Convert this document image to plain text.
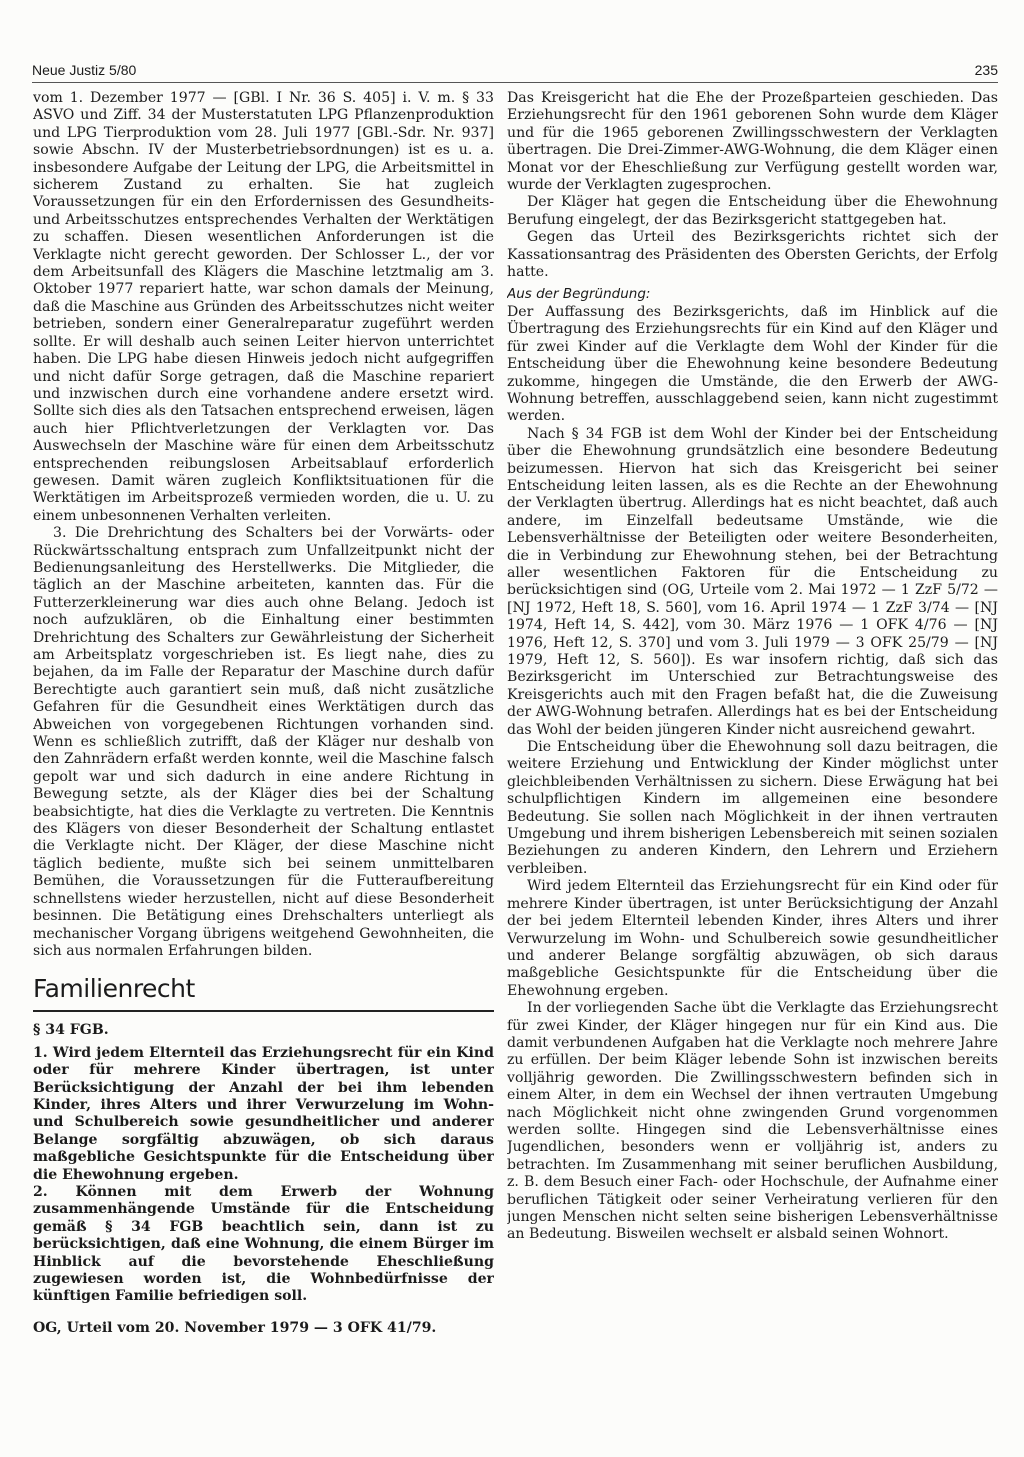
Neue Justiz 5/80	235

vom 1. Dezember 1977 — [GBl. I Nr. 36 S. 405] i. V. m. § 33 ASVO und Ziff. 34 der Musterstatuten LPG Pflanzenproduktion und LPG Tierproduktion vom 28. Juli 1977 [GBl.-Sdr. Nr. 937] sowie Abschn. IV der Musterbetriebsordnungen) ist es u. a. insbesondere Aufgabe der Leitung der LPG, die Arbeitsmittel in sicherem Zustand zu erhalten. Sie hat zugleich Voraussetzungen für ein den Erfordernissen des Gesundheits- und Arbeitsschutzes entsprechendes Verhalten der Werktätigen zu schaffen. Diesen wesentlichen Anforderungen ist die Verklagte nicht gerecht geworden. Der Schlosser L., der vor dem Arbeitsunfall des Klägers die Maschine letztmalig am 3. Oktober 1977 repariert hatte, war schon damals der Meinung, daß die Maschine aus Gründen des Arbeitsschutzes nicht weiter betrieben, sondern einer Generalreparatur zugeführt werden sollte. Er will deshalb auch seinen Leiter hiervon unterrichtet haben. Die LPG habe diesen Hinweis jedoch nicht aufgegriffen und nicht dafür Sorge getragen, daß die Maschine repariert und inzwischen durch eine vorhandene andere ersetzt wird. Sollte sich dies als den Tatsachen entsprechend erweisen, lägen auch hier Pflichtverletzungen der Verklagten vor. Das Auswechseln der Maschine wäre für einen dem Arbeitsschutz entsprechenden reibungslosen Arbeitsablauf erforderlich gewesen. Damit wären zugleich Konfliktsituationen für die Werktätigen im Arbeitsprozeß vermieden worden, die u. U. zu einem unbesonnenen Verhalten verleiten.

3. Die Drehrichtung des Schalters bei der Vorwärts- oder Rückwärtsschaltung entsprach zum Unfallzeitpunkt nicht der Bedienungsanleitung des Herstellwerks. Die Mitglieder, die täglich an der Maschine arbeiteten, kannten das. Für die Futterzerkleinerung war dies auch ohne Belang. Jedoch ist noch aufzuklären, ob die Einhaltung einer bestimmten Drehrichtung des Schalters zur Gewährleistung der Sicherheit am Arbeitsplatz vorgeschrieben ist. Es liegt nahe, dies zu bejahen, da im Falle der Reparatur der Maschine durch dafür Berechtigte auch garantiert sein muß, daß nicht zusätzliche Gefahren für die Gesundheit eines Werktätigen durch das Abweichen von vorgegebenen Richtungen vorhanden sind. Wenn es schließlich zutrifft, daß der Kläger nur deshalb von den Zahnrädern erfaßt werden konnte, weil die Maschine falsch gepolt war und sich dadurch in eine andere Richtung in Bewegung setzte, als der Kläger dies bei der Schaltung beabsichtigte, hat dies die Verklagte zu vertreten. Die Kenntnis des Klägers von dieser Besonderheit der Schaltung entlastet die Verklagte nicht. Der Kläger, der diese Maschine nicht täglich bediente, mußte sich bei seinem unmittelbaren Bemühen, die Voraussetzungen für die Futteraufbereitung schnellstens wieder herzustellen, nicht auf diese Besonderheit besinnen. Die Betätigung eines Drehschalters unterliegt als mechanischer Vorgang übrigens weitgehend Gewohnheiten, die sich aus normalen Erfahrungen bilden.

Familienrecht

§ 34 FGB.

1. Wird jedem Elternteil das Erziehungsrecht für ein Kind oder für mehrere Kinder übertragen, ist unter Berücksichtigung der Anzahl der bei ihm lebenden Kinder, ihres Alters und ihrer Verwurzelung im Wohn- und Schulbereich sowie gesundheitlicher und anderer Belange sorgfältig abzuwägen, ob sich daraus maßgebliche Gesichtspunkte für die Entscheidung über die Ehewohnung ergeben.

2. Können mit dem Erwerb der Wohnung zusammenhängende Umstände für die Entscheidung gemäß § 34 FGB beachtlich sein, dann ist zu berücksichtigen, daß eine Wohnung, die einem Bürger im Hinblick auf die bevorstehende Eheschließung zugewiesen worden ist, die Wohnbedürfnisse der künftigen Familie befriedigen soll.

OG, Urteil vom 20. November 1979 — 3 OFK 41/79.

Das Kreisgericht hat die Ehe der Prozeßparteien geschieden. Das Erziehungsrecht für den 1961 geborenen Sohn wurde dem Kläger und für die 1965 geborenen Zwillingsschwestern der Verklagten übertragen. Die Drei-Zimmer-AWG-Wohnung, die dem Kläger einen Monat vor der Eheschließung zur Verfügung gestellt worden war, wurde der Verklagten zugesprochen.

Der Kläger hat gegen die Entscheidung über die Ehewohnung Berufung eingelegt, der das Bezirksgericht stattgegeben hat.

Gegen das Urteil des Bezirksgerichts richtet sich der Kassationsantrag des Präsidenten des Obersten Gerichts, der Erfolg hatte.

Aus der Begründung:

Der Auffassung des Bezirksgerichts, daß im Hinblick auf die Übertragung des Erziehungsrechts für ein Kind auf den Kläger und für zwei Kinder auf die Verklagte dem Wohl der Kinder für die Entscheidung über die Ehewohnung keine besondere Bedeutung zukomme, hingegen die Umstände, die den Erwerb der AWG-Wohnung betreffen, ausschlaggebend seien, kann nicht zugestimmt werden.

Nach § 34 FGB ist dem Wohl der Kinder bei der Entscheidung über die Ehewohnung grundsätzlich eine besondere Bedeutung beizumessen. Hiervon hat sich das Kreisgericht bei seiner Entscheidung leiten lassen, als es die Rechte an der Ehewohnung der Verklagten übertrug. Allerdings hat es nicht beachtet, daß auch andere, im Einzelfall bedeutsame Umstände, wie die Lebensverhältnisse der Beteiligten oder weitere Besonderheiten, die in Verbindung zur Ehewohnung stehen, bei der Betrachtung aller wesentlichen Faktoren für die Entscheidung zu berücksichtigen sind (OG, Urteile vom 2. Mai 1972 — 1 ZzF 5/72 — [NJ 1972, Heft 18, S. 560], vom 16. April 1974 — 1 ZzF 3/74 — [NJ 1974, Heft 14, S. 442], vom 30. März 1976 — 1 OFK 4/76 — [NJ 1976, Heft 12, S. 370] und vom 3. Juli 1979 — 3 OFK 25/79 — [NJ 1979, Heft 12, S. 560]). Es war insofern richtig, daß sich das Bezirksgericht im Unterschied zur Betrachtungsweise des Kreisgerichts auch mit den Fragen befaßt hat, die die Zuweisung der AWG-Wohnung betrafen. Allerdings hat es bei der Entscheidung das Wohl der beiden jüngeren Kinder nicht ausreichend gewahrt.

Die Entscheidung über die Ehewohnung soll dazu beitragen, die weitere Erziehung und Entwicklung der Kinder möglichst unter gleichbleibenden Verhältnissen zu sichern. Diese Erwägung hat bei schulpflichtigen Kindern im allgemeinen eine besondere Bedeutung. Sie sollen nach Möglichkeit in der ihnen vertrauten Umgebung und ihrem bisherigen Lebensbereich mit seinen sozialen Beziehungen zu anderen Kindern, den Lehrern und Erziehern verbleiben.

Wird jedem Elternteil das Erziehungsrecht für ein Kind oder für mehrere Kinder übertragen, ist unter Berücksichtigung der Anzahl der bei jedem Elternteil lebenden Kinder, ihres Alters und ihrer Verwurzelung im Wohn- und Schulbereich sowie gesundheitlicher und anderer Belange sorgfältig abzuwägen, ob sich daraus maßgebliche Gesichtspunkte für die Entscheidung über die Ehewohnung ergeben.

In der vorliegenden Sache übt die Verklagte das Erziehungsrecht für zwei Kinder, der Kläger hingegen nur für ein Kind aus. Die damit verbundenen Aufgaben hat die Verklagte noch mehrere Jahre zu erfüllen. Der beim Kläger lebende Sohn ist inzwischen bereits volljährig geworden. Die Zwillingsschwestern befinden sich in einem Alter, in dem ein Wechsel der ihnen vertrauten Umgebung nach Möglichkeit nicht ohne zwingenden Grund vorgenommen werden sollte. Hingegen sind die Lebensverhältnisse eines Jugendlichen, besonders wenn er volljährig ist, anders zu betrachten. Im Zusammenhang mit seiner beruflichen Ausbildung, z. B. dem Besuch einer Fach- oder Hochschule, der Aufnahme einer beruflichen Tätigkeit oder seiner Verheiratung verlieren für den jungen Menschen nicht selten seine bisherigen Lebensverhältnisse an Bedeutung. Bisweilen wechselt er alsbald seinen Wohnort.
